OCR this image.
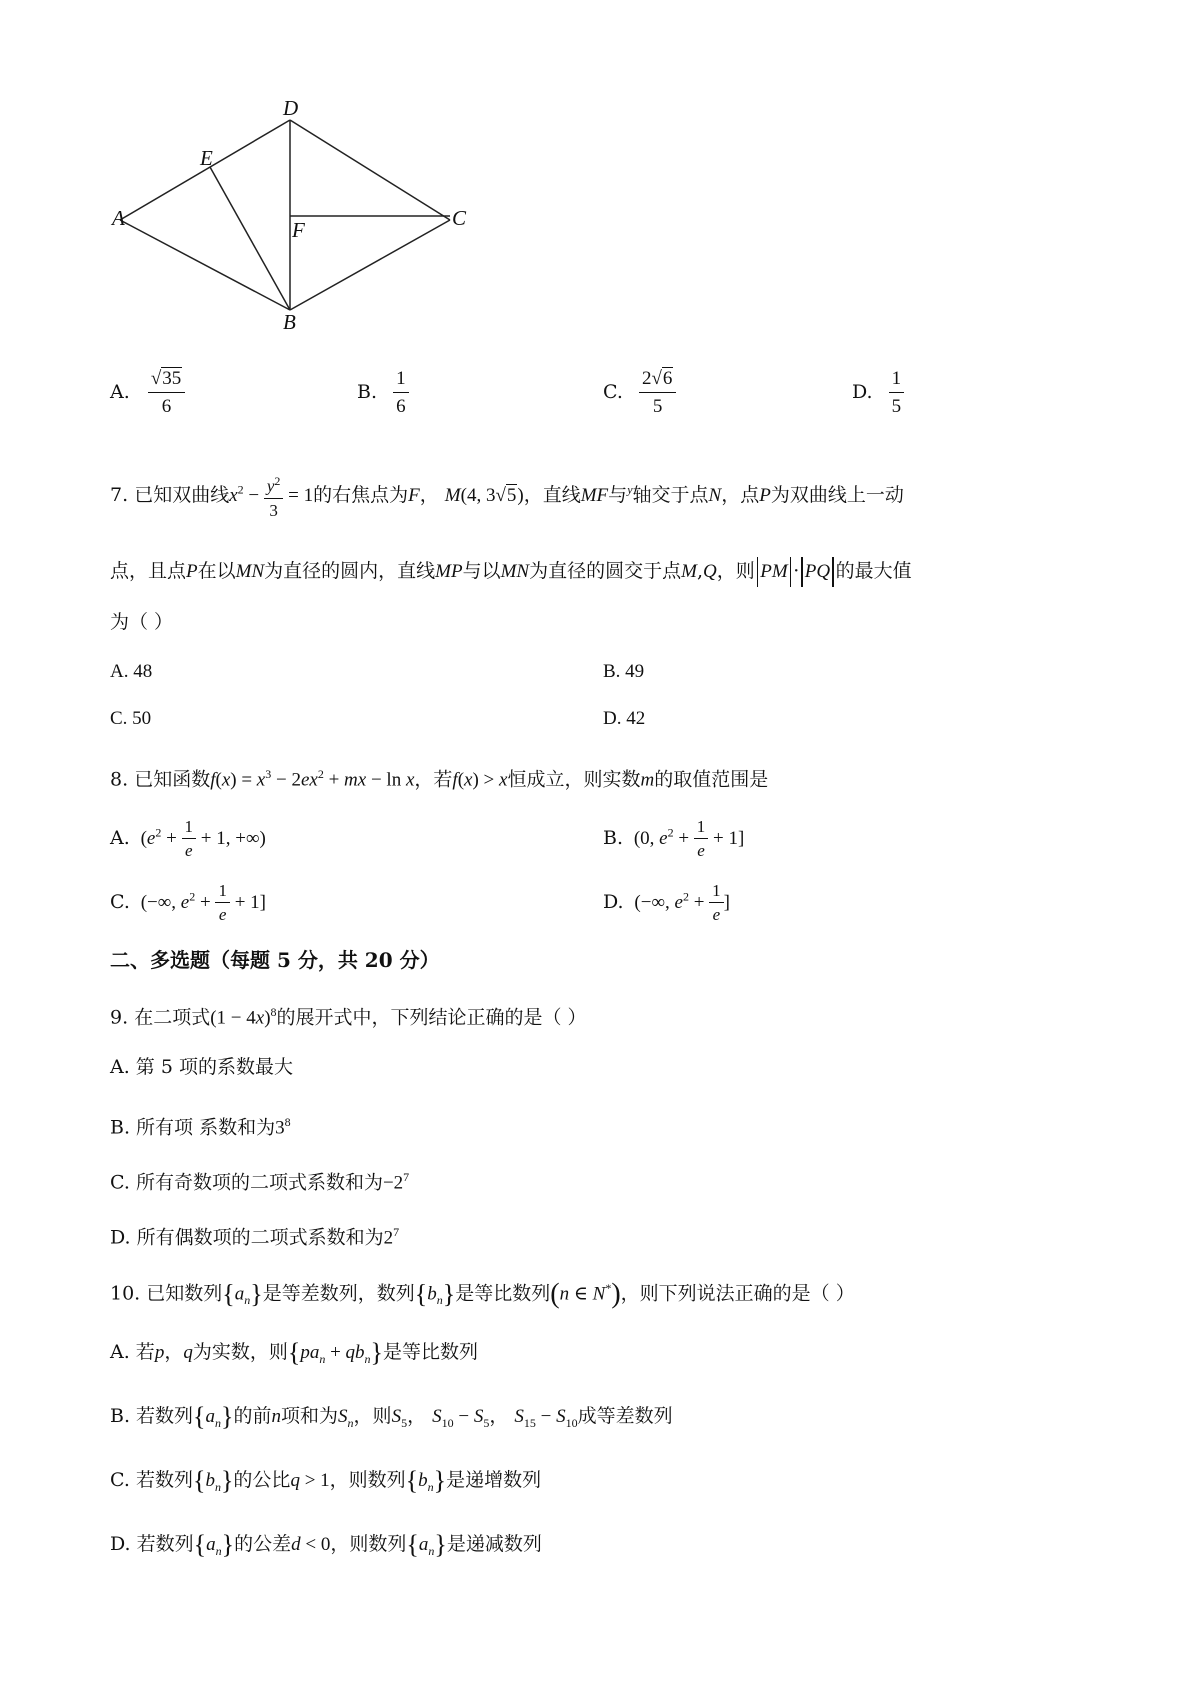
D
E
A	F	C
B
A. $\frac{√35}{6}$	B. $\frac{1}{6}$	C. $\frac{2√6}{5}$	D. $\frac{1}{5}$
7. 已知双曲线$x^2 - \frac{y^2}{3} = 1$的右焦点为F， M(4, 3√5)，直线MF与$^y$轴交于点N，点P为双曲线上一动
点，且点P在以MN为直径的圆内，直线MP与以MN为直径的圆交于点M,Q，则 PM · PQ 的最大值
为（ ）
A. 48	B. 49
C. 50	D. 42
8. 已知函数$f(x) = x^3 - 2ex^2$ + mx − ln x，若f(x) > x恒成立，则实数m的取值范围是
A.  ($e^2 + \frac{1}{e} + 1$, +∞)	B.  (0, $e^2 + \frac{1}{e} + 1$]
C.  (−∞, $e^2 + \frac{1}{e} + 1$]	D.  (−∞, $e^2 + \frac{1}{e}$ ]
二、多选题（每题 5 分，共 20 分）
9. 在二项式$(1 - 4x)^8$的展开式中，下列结论正确的是（ ）
A. 第 5 项的系数最大
B. 所有项 系数和为$3^8$
C. 所有奇数项的二项式系数和为$-2^7$
D. 所有偶数项的二项式系数和为$2^7$
10. 已知数列$\{a_n\}$是等差数列，数列$\{b_n\}$是等比数列(n ∈ N*)，则下列说法正确的是（ ）
A. 若p，q为实数，则$\{pa_n + qb_n\}$是等比数列
B. 若数列$\{a_n\}$的前n项和为$S_n$，则$S_5$， $S_{10} - S_5$， $S_{15} - S_{10}$成等差数列
C. 若数列$\{b_n\}$的公比q > 1，则数列$\{b_n\}$是递增数列
D. 若数列$\{a_n\}$的公差d < 0，则数列$\{a_n\}$是递减数列
